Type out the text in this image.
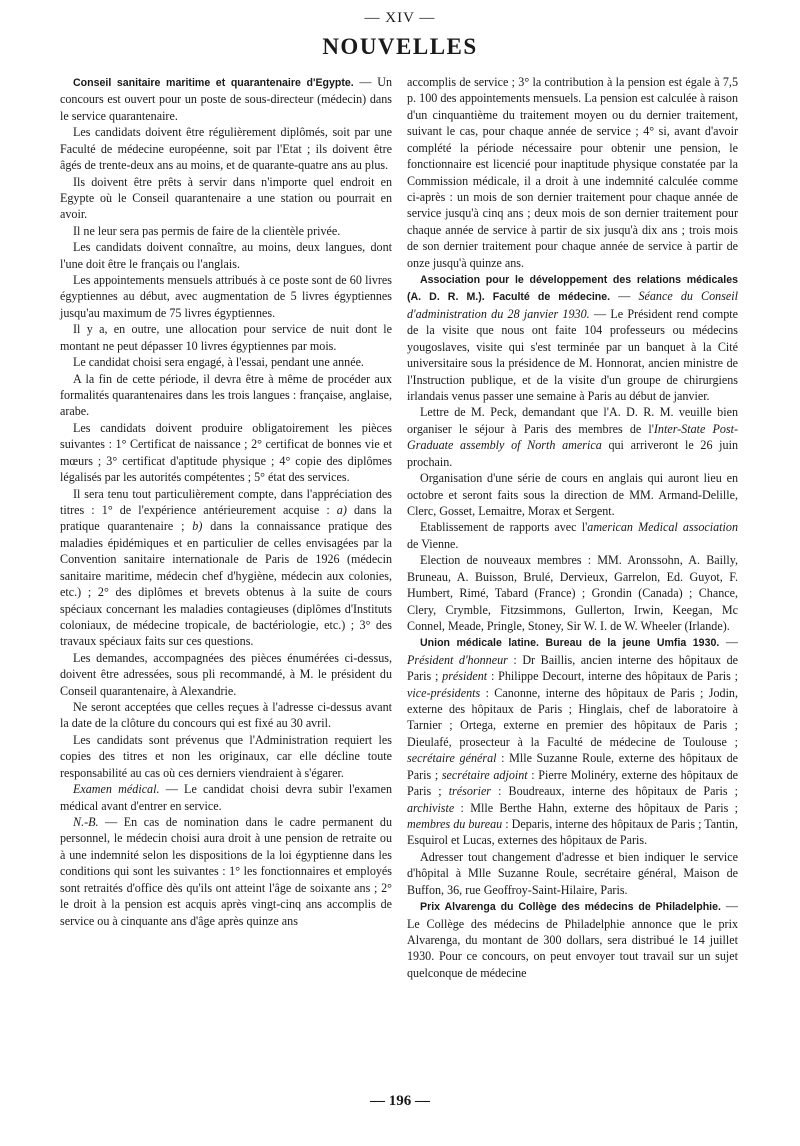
— XIV —
NOUVELLES

Conseil sanitaire maritime et quarantenaire d'Egypte. — Un concours est ouvert pour un poste de sous-directeur (médecin) dans le service quarantenaire.

Les candidats doivent être régulièrement diplômés, soit par une Faculté de médecine européenne, soit par l'Etat ; ils doivent être âgés de trente-deux ans au moins, et de quarante-quatre ans au plus.

Ils doivent être prêts à servir dans n'importe quel endroit en Egypte où le Conseil quarantenaire a une station ou pourrait en avoir.

Il ne leur sera pas permis de faire de la clientèle privée.

Les candidats doivent connaître, au moins, deux langues, dont l'une doit être le français ou l'anglais.

Les appointements mensuels attribués à ce poste sont de 60 livres égyptiennes au début, avec augmentation de 5 livres égyptiennes jusqu'au maximum de 75 livres égyptiennes.

Il y a, en outre, une allocation pour service de nuit dont le montant ne peut dépasser 10 livres égyptiennes par mois.

Le candidat choisi sera engagé, à l'essai, pendant une année.

A la fin de cette période, il devra être à même de procéder aux formalités quarantenaires dans les trois langues : française, anglaise, arabe.

Les candidats doivent produire obligatoirement les pièces suivantes : 1° Certificat de naissance ; 2° certificat de bonnes vie et mœurs ; 3° certificat d'aptitude physique ; 4° copie des diplômes légalisés par les autorités compétentes ; 5° état des services.

Il sera tenu tout particulièrement compte, dans l'appréciation des titres : 1° de l'expérience antérieurement acquise : a) dans la pratique quarantenaire ; b) dans la connaissance pratique des maladies épidémiques et en particulier de celles envisagées par la Convention sanitaire internationale de Paris de 1926 (médecin sanitaire maritime, médecin chef d'hygiène, médecin aux colonies, etc.) ; 2° des diplômes et brevets obtenus à la suite de cours spéciaux concernant les maladies contagieuses (diplômes d'Instituts coloniaux, de médecine tropicale, de bactériologie, etc.) ; 3° des travaux spéciaux faits sur ces questions.

Les demandes, accompagnées des pièces énumérées ci-dessus, doivent être adressées, sous pli recommandé, à M. le président du Conseil quarantenaire, à Alexandrie.

Ne seront acceptées que celles reçues à l'adresse ci-dessus avant la date de la clôture du concours qui est fixé au 30 avril.

Les candidats sont prévenus que l'Administration requiert les copies des titres et non les originaux, car elle décline toute responsabilité au cas où ces derniers viendraient à s'égarer.

Examen médical. — Le candidat choisi devra subir l'examen médical avant d'entrer en service.

N.-B. — En cas de nomination dans le cadre permanent du personnel, le médecin choisi aura droit à une pension de retraite ou à une indemnité selon les dispositions de la loi égyptienne dans les conditions qui sont les suivantes : 1° les fonctionnaires et employés sont retraités d'office dès qu'ils ont atteint l'âge de soixante ans ; 2° le droit à la pension est acquis après vingt-cinq ans accomplis de service ou à cinquante ans d'âge après quinze ans

accomplis de service ; 3° la contribution à la pension est égale à 7,5 p. 100 des appointements mensuels. La pension est calculée à raison d'un cinquantième du traitement moyen ou du dernier traitement, suivant le cas, pour chaque année de service ; 4° si, avant d'avoir complété la période nécessaire pour obtenir une pension, le fonctionnaire est licencié pour inaptitude physique constatée par la Commission médicale, il a droit à une indemnité calculée comme ci-après : un mois de son dernier traitement pour chaque année de service jusqu'à cinq ans ; deux mois de son dernier traitement pour chaque année de service à partir de six jusqu'à dix ans ; trois mois de son dernier traitement pour chaque année de service à partir de onze jusqu'à quinze ans.

Association pour le développement des relations médicales (A. D. R. M.). Faculté de médecine. — Séance du Conseil d'administration du 28 janvier 1930. — Le Président rend compte de la visite que nous ont faite 104 professeurs ou médecins yougoslaves, visite qui s'est terminée par un banquet à la Cité universitaire sous la présidence de M. Honnorat, ancien ministre de l'Instruction publique, et de la visite d'un groupe de chirurgiens irlandais venus passer une semaine à Paris au début de janvier.

Lettre de M. Peck, demandant que l'A. D. R. M. veuille bien organiser le séjour à Paris des membres de l'Inter-State Post-Graduate assembly of North america qui arriveront le 26 juin prochain.

Organisation d'une série de cours en anglais qui auront lieu en octobre et seront faits sous la direction de MM. Armand-Delille, Clerc, Gosset, Lemaitre, Morax et Sergent.

Etablissement de rapports avec l'american Medical association de Vienne.

Election de nouveaux membres : MM. Aronssohn, A. Bailly, Bruneau, A. Buisson, Brulé, Dervieux, Garrelon, Ed. Guyot, F. Humbert, Rimé, Tabard (France) ; Grondin (Canada) ; Chance, Clery, Crymble, Fitzsimmons, Gullerton, Irwin, Keegan, Mc Connel, Meade, Pringle, Stoney, Sir W. I. de W. Wheeler (Irlande).

Union médicale latine. Bureau de la jeune Umfia 1930. — Président d'honneur : Dr Baillis, ancien interne des hôpitaux de Paris ; président : Philippe Decourt, interne des hôpitaux de Paris ; vice-présidents : Canonne, interne des hôpitaux de Paris ; Jodin, externe des hôpitaux de Paris ; Hinglais, chef de laboratoire à Tarnier ; Ortega, externe en premier des hôpitaux de Paris ; Dieulafé, prosecteur à la Faculté de médecine de Toulouse ; secrétaire général : Mlle Suzanne Roule, externe des hôpitaux de Paris ; secrétaire adjoint : Pierre Molinéry, externe des hôpitaux de Paris ; trésorier : Boudreaux, interne des hôpitaux de Paris ; archiviste : Mlle Berthe Hahn, externe des hôpitaux de Paris ; membres du bureau : Deparis, interne des hôpitaux de Paris ; Tantin, Esquirol et Lucas, externes des hôpitaux de Paris.

Adresser tout changement d'adresse et bien indiquer le service d'hôpital à Mlle Suzanne Roule, secrétaire général, Maison de Buffon, 36, rue Geoffroy-Saint-Hilaire, Paris.

Prix Alvarenga du Collège des médecins de Philadelphie. — Le Collège des médecins de Philadelphie annonce que le prix Alvarenga, du montant de 300 dollars, sera distribué le 14 juillet 1930. Pour ce concours, on peut envoyer tout travail sur un sujet quelconque de médecine

— 196 —
